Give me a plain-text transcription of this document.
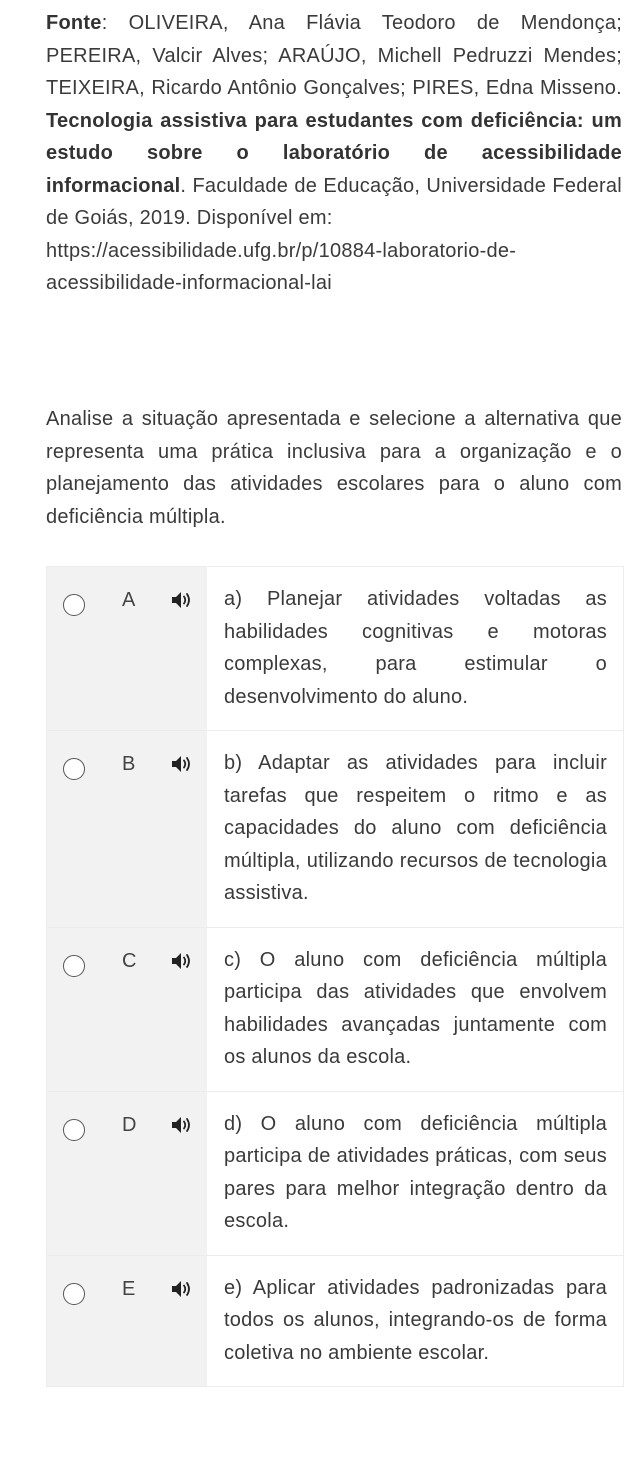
Fonte: OLIVEIRA, Ana Flávia Teodoro de Mendonça; PEREIRA, Valcir Alves; ARAÚJO, Michell Pedruzzi Mendes; TEIXEIRA, Ricardo Antônio Gonçalves; PIRES, Edna Misseno. Tecnologia assistiva para estudantes com deficiência: um estudo sobre o laboratório de acessibilidade informacional. Faculdade de Educação, Universidade Federal de Goiás, 2019. Disponível em:
https://acessibilidade.ufg.br/p/10884-laboratorio-de-acessibilidade-informacional-lai

Analise a situação apresentada e selecione a alternativa que representa uma prática inclusiva para a organização e o planejamento das atividades escolares para o aluno com deficiência múltipla.

A	a) Planejar atividades voltadas as habilidades cognitivas e motoras complexas, para estimular o desenvolvimento do aluno.
B	b) Adaptar as atividades para incluir tarefas que respeitem o ritmo e as capacidades do aluno com deficiência múltipla, utilizando recursos de tecnologia assistiva.
C	c) O aluno com deficiência múltipla participa das atividades que envolvem habilidades avançadas juntamente com os alunos da escola.
D	d) O aluno com deficiência múltipla participa de atividades práticas, com seus pares para melhor integração dentro da escola.
E	e) Aplicar atividades padronizadas para todos os alunos, integrando-os de forma coletiva no ambiente escolar.
